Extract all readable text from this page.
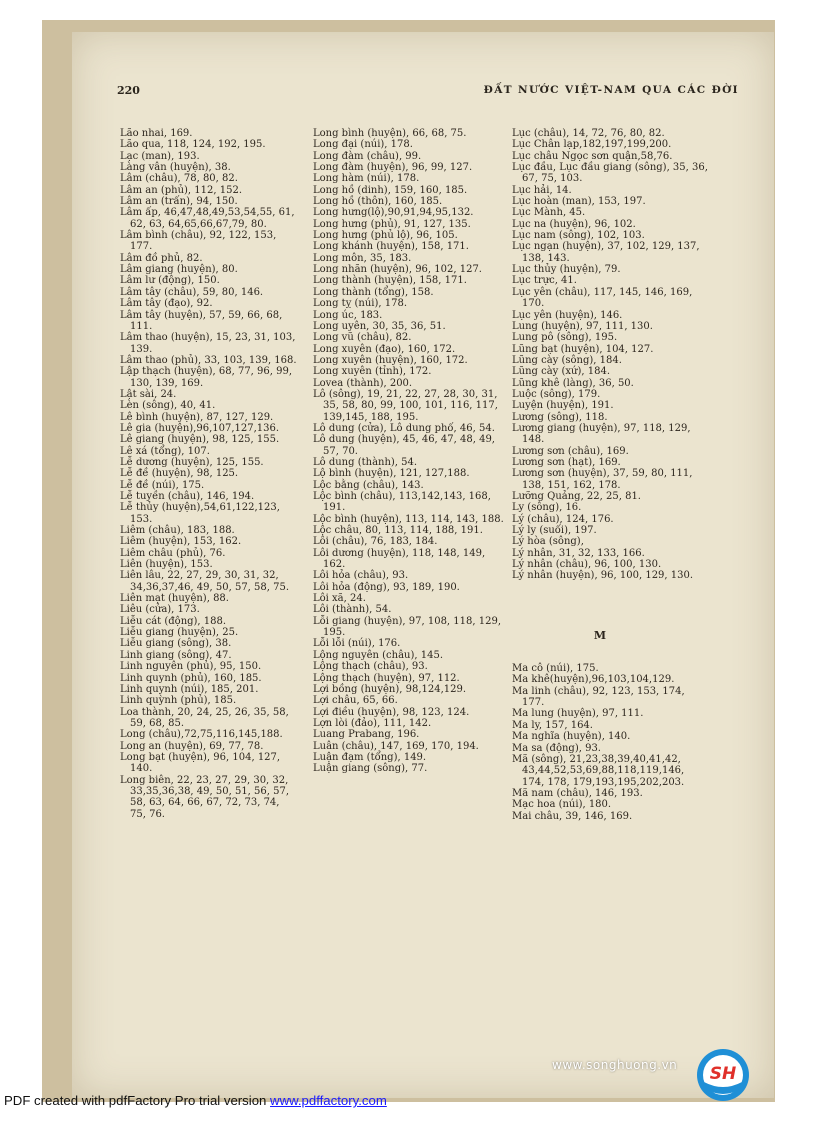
220	ĐẤT NƯỚC VIỆT-NAM QUA CÁC ĐỜI
Lão nhai, 169.
Lão qua, 118, 124, 192, 195.
Lạc (man), 193.
Làng vân (huyện), 38.
Lâm (châu), 78, 80, 82.
Lâm an (phủ), 112, 152.
Lâm an (trấn), 94, 150.
Lâm ấp, 46,47,48,49,53,54,55, 61, 62, 63, 64,65,66,67,79, 80.
Lâm bình (châu), 92, 122, 153, 177.
Lâm đồ phủ, 82.
Lâm giang (huyện), 80.
Lâm lư (động), 150.
Lâm tây (châu), 59, 80, 146.
Lâm tây (đạo), 92.
Lâm tây (huyện), 57, 59, 66, 68, 111.
Lâm thao (huyện), 15, 23, 31, 103, 139.
Lâm thao (phủ), 33, 103, 139, 168.
Lập thạch (huyện), 68, 77, 96, 99, 130, 139, 169.
Lật sài, 24.
Lèn (sông), 40, 41.
Lê bình (huyện), 87, 127, 129.
Lê gia (huyện),96,107,127,136.
Lê giang (huyện), 98, 125, 155.
Lê xá (tổng), 107.
Lễ dương (huyện), 125, 155.
Lễ đề (huyện), 98, 125.
Lễ đề (núi), 175.
Lễ tuyền (châu), 146, 194.
Lễ thủy (huyện),54,61,122,123, 153.
Liêm (châu), 183, 188.
Liêm (huyện), 153, 162.
Liêm châu (phủ), 76.
Liên (huyện), 153.
Liên lâu, 22, 27, 29, 30, 31, 32, 34,36,37,46, 49, 50, 57, 58, 75.
Liên mạt (huyện), 88.
Liêu (cửa), 173.
Liễu cát (động), 188.
Liễu giang (huyện), 25.
Liễu giang (sông), 38.
Linh giang (sông), 47.
Linh nguyên (phủ), 95, 150.
Linh quynh (phủ), 160, 185.
Linh quynh (núi), 185, 201.
Linh quỳnh (phủ), 185.
Loa thành, 20, 24, 25, 26, 35, 58, 59, 68, 85.
Long (châu),72,75,116,145,188.
Long an (huyện), 69, 77, 78.
Long bạt (huyện), 96, 104, 127, 140.
Long biên, 22, 23, 27, 29, 30, 32, 33,35,36,38, 49, 50, 51, 56, 57, 58, 63, 64, 66, 67, 72, 73, 74, 75, 76.
Long bình (huyện), 66, 68, 75.
Long đại (núi), 178.
Long đàm (châu), 99.
Long đàm (huyện), 96, 99, 127.
Long hàm (núi), 178.
Long hồ (dinh), 159, 160, 185.
Long hồ (thôn), 160, 185.
Long hưng(lộ),90,91,94,95,132.
Long hưng (phủ), 91, 127, 135.
Long hưng (phủ lộ), 96, 105.
Long khánh (huyện), 158, 171.
Long môn, 35, 183.
Long nhãn (huyện), 96, 102, 127.
Long thành (huyện), 158, 171.
Long thành (tổng), 158.
Long tỵ (núi), 178.
Long úc, 183.
Long uyên, 30, 35, 36, 51.
Long vũ (châu), 82.
Long xuyên (đạo), 160, 172.
Long xuyên (huyện), 160, 172.
Long xuyên (tỉnh), 172.
Lovea (thành), 200.
Lô (sông), 19, 21, 22, 27, 28, 30, 31, 35, 58, 80, 99, 100, 101, 116, 117, 139,145, 188, 195.
Lô dung (cửa), Lô dung phố, 46, 54.
Lô dung (huyện), 45, 46, 47, 48, 49, 57, 70.
Lô dung (thành), 54.
Lộ bình (huyện), 121, 127,188.
Lộc bằng (châu), 143.
Lộc bình (châu), 113,142,143, 168, 191.
Lộc bình (huyện), 113, 114, 143, 188.
Lộc châu, 80, 113, 114, 188, 191.
Lôi (châu), 76, 183, 184.
Lôi dương (huyện), 118, 148, 149, 162.
Lôi hỏa (châu), 93.
Lôi hỏa (động), 93, 189, 190.
Lôi xã, 24.
Lôi (thành), 54.
Lỗi giang (huyện), 97, 108, 118, 129, 195.
Lỗi lỗi (núi), 176.
Lộng nguyên (châu), 145.
Lộng thạch (châu), 93.
Lộng thạch (huyện), 97, 112.
Lợi bồng (huyện), 98,124,129.
Lợi châu, 65, 66.
Lợi điều (huyện), 98, 123, 124.
Lợn lòi (đảo), 111, 142.
Luang Prabang, 196.
Luân (châu), 147, 169, 170, 194.
Luận đạm (tổng), 149.
Luận giang (sông), 77.
Lục (châu), 14, 72, 76, 80, 82.
Lục Chân lạp,182,197,199,200.
Lục châu Ngọc sơn quận,58,76.
Lục đầu, Lục đầu giang (sông), 35, 36, 67, 75, 103.
Lục hải, 14.
Lục hoàn (man), 153, 197.
Lục Mành, 45.
Lục na (huyện), 96, 102.
Lục nam (sông), 102, 103.
Lục ngạn (huyện), 37, 102, 129, 137, 138, 143.
Lục thủy (huyện), 79.
Lục trực, 41.
Lục yên (châu), 117, 145, 146, 169, 170.
Lục yên (huyện), 146.
Lung (huyện), 97, 111, 130.
Lung pô (sông), 195.
Lũng bạt (huyện), 104, 127.
Lũng cày (sông), 184.
Lũng cày (xứ), 184.
Lũng khê (làng), 36, 50.
Luộc (sông), 179.
Luyện (huyện), 191.
Lương (sông), 118.
Lương giang (huyện), 97, 118, 129, 148.
Lương sơn (châu), 169.
Lương sơn (hạt), 169.
Lương sơn (huyện), 37, 59, 80, 111, 138, 151, 162, 178.
Lưỡng Quảng, 22, 25, 81.
Ly (sông), 16.
Lý (châu), 124, 176.
Lý ly (suối), 197.
Lý hòa (sông),
Lý nhân, 31, 32, 133, 166.
Lý nhân (châu), 96, 100, 130.
Lý nhân (huyện), 96, 100, 129, 130.
M
Ma cô (núi), 175.
Ma khê(huyện),96,103,104,129.
Ma linh (châu), 92, 123, 153, 174, 177.
Ma lung (huyện), 97, 111.
Ma ly, 157, 164.
Ma nghĩa (huyện), 140.
Ma sa (động), 93.
Mã (sông), 21,23,38,39,40,41,42, 43,44,52,53,69,88,118,119,146, 174, 178, 179,193,195,202,203.
Mã nam (châu), 146, 193.
Mạc hoa (núi), 180.
Mai châu, 39, 146, 169.
www.songhuong.vn SH
PDF created with pdfFactory Pro trial version www.pdffactory.com
